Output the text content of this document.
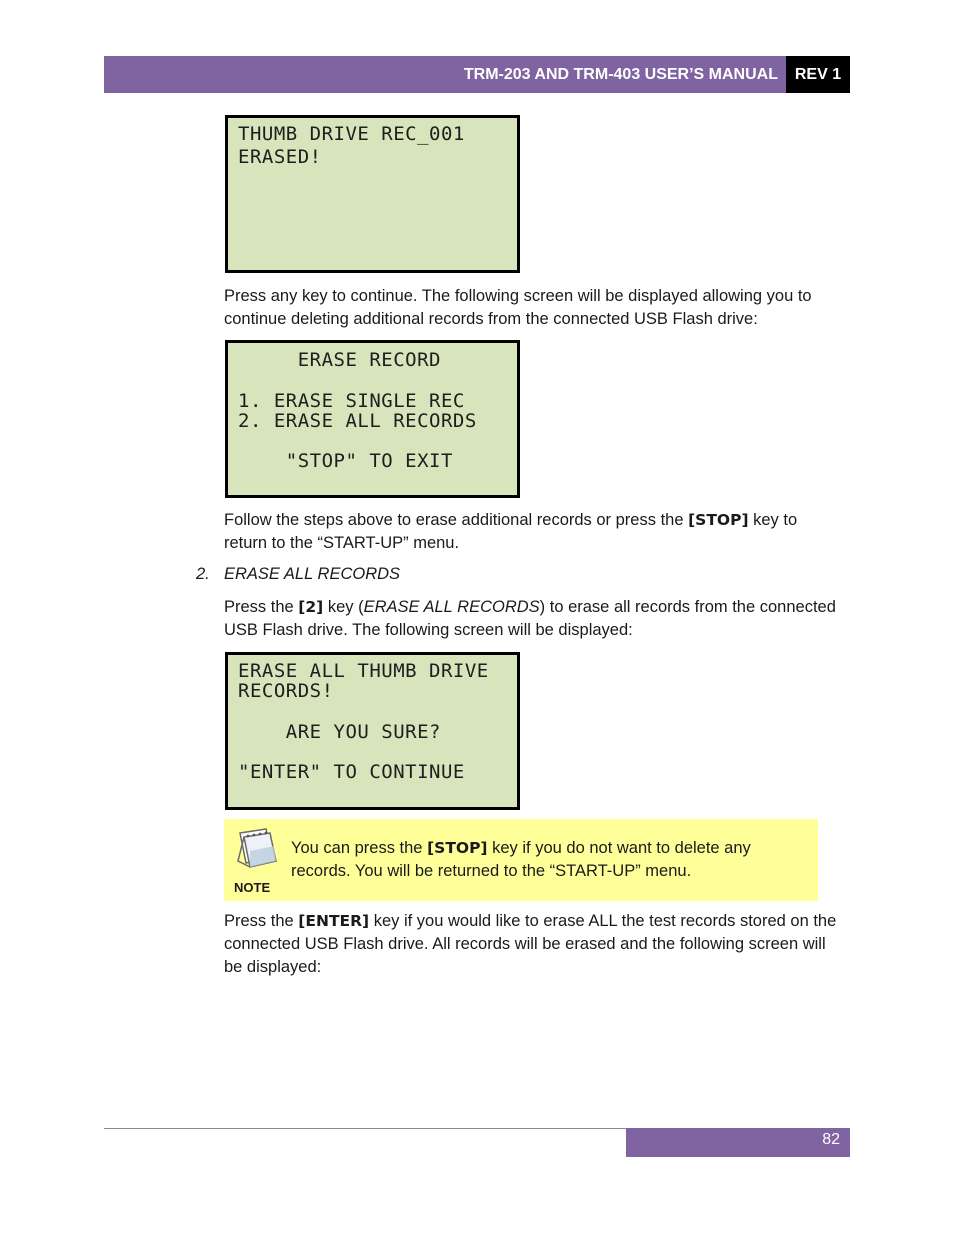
TRM-203 AND TRM-403 USER’S MANUAL	REV 1
THUMB DRIVE REC_001
ERASED!

Press any key to continue. The following screen will be displayed allowing you to continue deleting additional records from the connected USB Flash drive:

ERASE RECORD
1. ERASE SINGLE REC
2. ERASE ALL RECORDS
"STOP" TO EXIT

Follow the steps above to erase additional records or press the [STOP] key to return to the “START-UP” menu.

2. ERASE ALL RECORDS

Press the [2] key (ERASE ALL RECORDS) to erase all records from the connected USB Flash drive. The following screen will be displayed:

ERASE ALL THUMB DRIVE
RECORDS!
ARE YOU SURE?
"ENTER" TO CONTINUE
NOTE
You can press the [STOP] key if you do not want to delete any records. You will be returned to the “START-UP” menu.

Press the [ENTER] key if you would like to erase ALL the test records stored on the connected USB Flash drive. All records will be erased and the following screen will be displayed:

82
